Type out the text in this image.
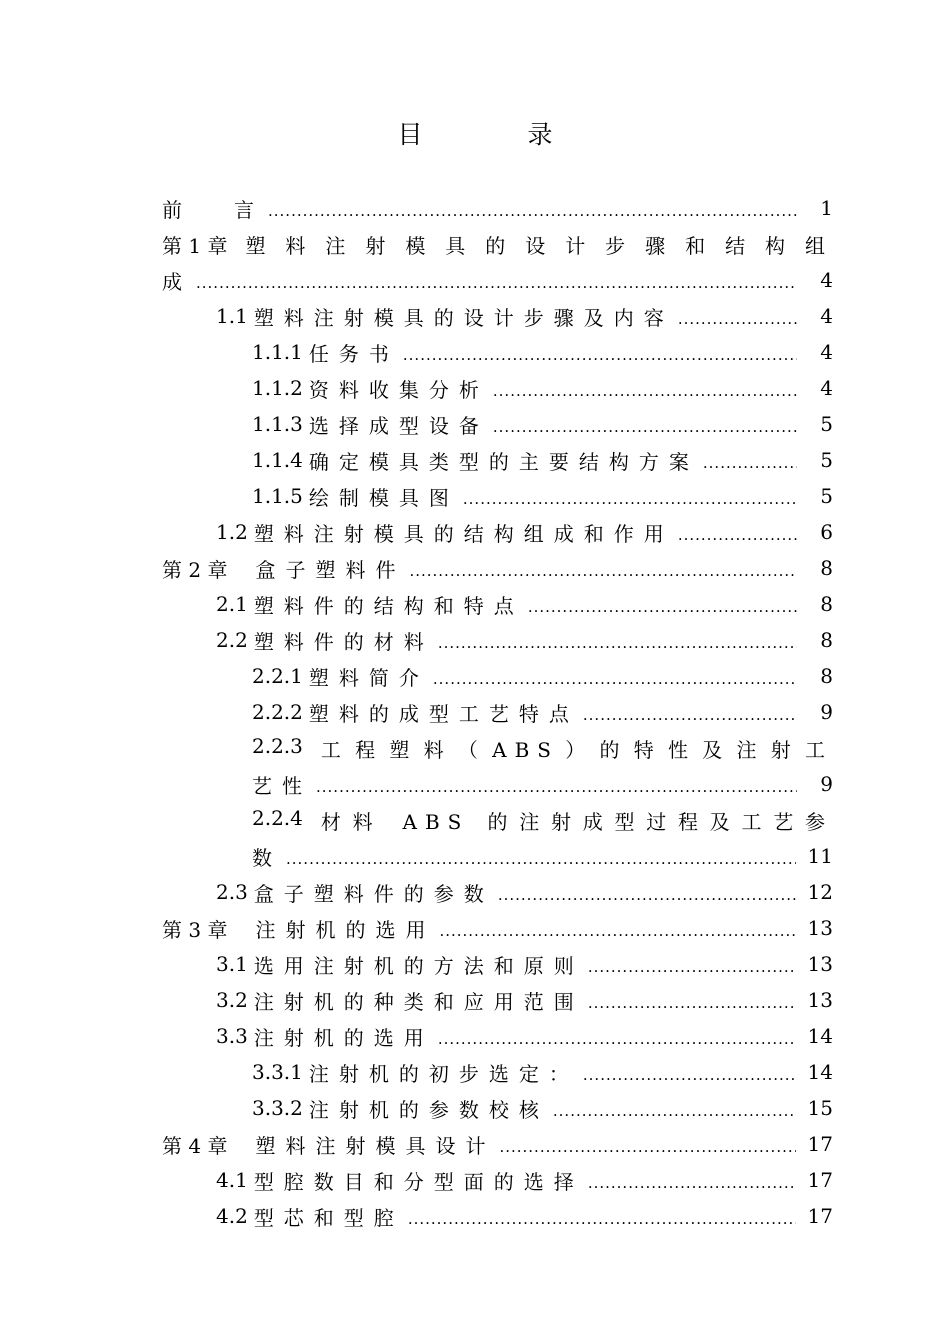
目　录
前　　言 .....	1
第 1 章 塑料注射模具的设计步骤和结构组
成 .....	4
1.1 塑料注射模具的设计步骤及内容 .....	4
1.1.1 任务书 .....	4
1.1.2 资料收集分析 .....	4
1.1.3 选择成型设备 .....	5
1.1.4 确定模具类型的主要结构方案 .....	5
1.1.5 绘制模具图 .....	5
1.2 塑料注射模具的结构组成和作用 .....	6
第 2 章 盒子塑料件 .....	8
2.1 塑料件的结构和特点 .....	8
2.2 塑料件的材料 .....	8
2.2.1 塑料简介 .....	8
2.2.2 塑料的成型工艺特点 .....	9
2.2.3 工程塑料（ABS）的特性及注射工
艺性 .....	9
2.2.4 材料 ABS 的注射成型过程及工艺参
数 .....	11
2.3 盒子塑料件的参数 .....	12
第 3 章 注射机的选用 .....	13
3.1 选用注射机的方法和原则 .....	13
3.2 注射机的种类和应用范围 .....	13
3.3 注射机的选用 .....	14
3.3.1 注射机的初步选定： .....	14
3.3.2 注射机的参数校核 .....	15
第 4 章 塑料注射模具设计 .....	17
4.1 型腔数目和分型面的选择 .....	17
4.2 型芯和型腔 .....	17
